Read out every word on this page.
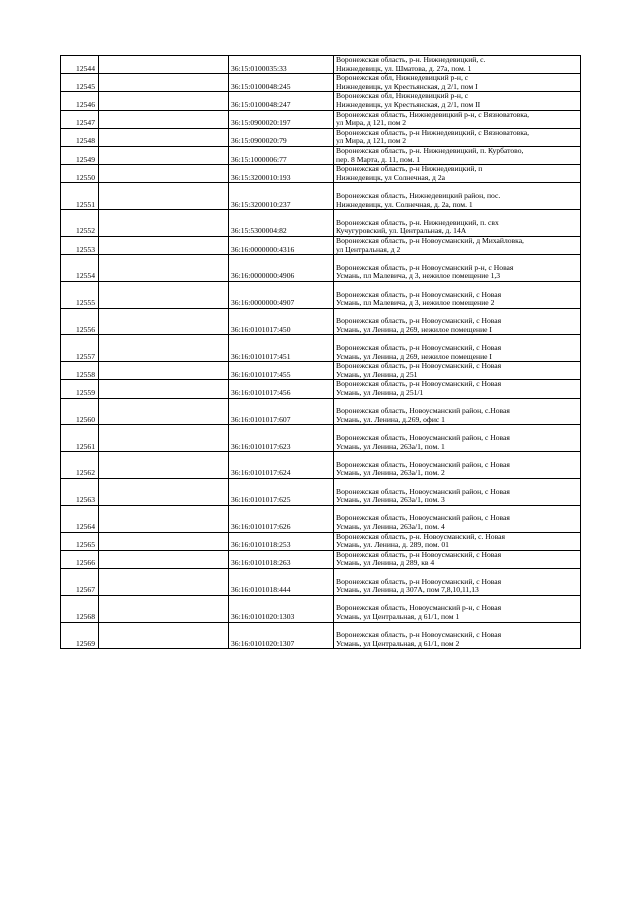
12544		36:15:0100035:33	Воронежская область, р-н. Нижнедевицкий, с.
Нижнедевицк, ул. Шматова, д. 27а, пом. 1

12545		36:15:0100048:245	Воронежская обл, Нижнедевицкий р-н, с
Нижнедевицк, ул Крестьянская, д 2/1, пом I

12546		36:15:0100048:247	Воронежская обл, Нижнедевицкий р-н, с
Нижнедевицк, ул Крестьянская, д 2/1, пом II

12547		36:15:0900020:197	Воронежская область, Нижнедевицкий р-н, с Вязноватовка,
ул Мира, д 121, пом 2

12548		36:15:0900020:79	Воронежская область, р-н Нижнедевицкий, с Вязноватовка,
ул Мира, д 121, пом 2

12549		36:15:1000006:77	Воронежская область, р-н. Нижнедевицкий, п. Курбатово,
пер. 8 Марта, д. 11, пом. 1

12550		36:15:3200010:193	Воронежская область, р-н Нижнедевицкий, п
Нижнедевицк, ул Солнечная, д 2а

12551		36:15:3200010:237	Воронежская область, Нижнедевицкий район, пос.
Нижнедевицк, ул. Солнечная, д. 2а, пом. 1

12552		36:15:5300004:82	Воронежская область, р-н. Нижнедевицкий, п. свх
Кучугуровский, ул. Центральная, д. 14А

12553		36:16:0000000:4316	Воронежская область, р-н Новоусманский, д Михайловка,
ул Центральная, д 2

12554		36:16:0000000:4906	Воронежская область, р-н Новоусманский р-н, с Новая
Усмань, пл Малевича, д 3, нежилое помещение 1,3

12555		36:16:0000000:4907	Воронежская область, р-н Новоусманский, с Новая
Усмань, пл Малевича, д 3, нежилое помещение 2

12556		36:16:0101017:450	Воронежская область, р-н Новоусманский, с Новая
Усмань, ул Ленина, д 269, нежилое помещение I

12557		36:16:0101017:451	Воронежская область, р-н Новоусманский, с Новая
Усмань, ул Ленина, д 269, нежилое помещение I

12558		36:16:0101017:455	Воронежская область, р-н Новоусманский, с Новая
Усмань, ул Ленина, д 251

12559		36:16:0101017:456	Воронежская область, р-н Новоусманский, с Новая
Усмань, ул Ленина, д 251/1

12560		36:16:0101017:607	Воронежская область, Новоусманский район, с.Новая
Усмань, ул. Ленина, д.269, офис 1

12561		36:16:0101017:623	Воронежская область, Новоусманский район, с Новая
Усмань, ул Ленина, 263а/1, пом. 1

12562		36:16:0101017:624	Воронежская область, Новоусманский район, с Новая
Усмань, ул Ленина, 263а/1, пом. 2

12563		36:16:0101017:625	Воронежская область, Новоусманский район, с Новая
Усмань, ул Ленина, 263а/1, пом. 3

12564		36:16:0101017:626	Воронежская область, Новоусманский район, с Новая
Усмань, ул Ленина, 263а/1, пом. 4

12565		36:16:0101018:253	Воронежская область, р-н. Новоусманский, с. Новая
Усмань, ул. Ленина, д. 289, пом. 01

12566		36:16:0101018:263	Воронежская область, р-н Новоусманский, с Новая
Усмань, ул Ленина, д 289, кв 4

12567		36:16:0101018:444	Воронежская область, р-н Новоусманский, с Новая
Усмань, ул Ленина, д 307А, пом 7,8,10,11,13

12568		36:16:0101020:1303	Воронежская область, Новоусманский р-н, с Новая
Усмань, ул Центральная, д 61/1, пом 1

12569		36:16:0101020:1307	Воронежская область, р-н Новоусманский, с Новая
Усмань, ул Центральная, д 61/1, пом 2
